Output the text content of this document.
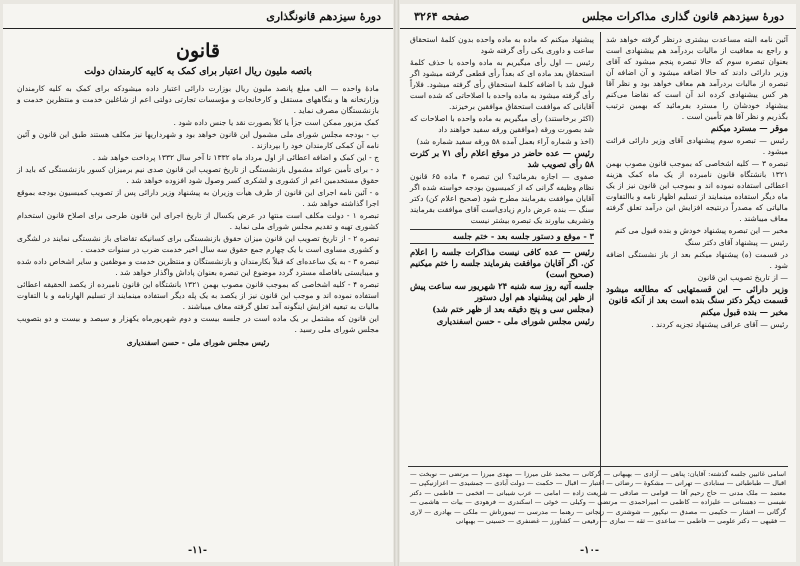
دورهٔ سیزدهم قانونگذاری
قانون
باتصه ملیون ریال اعتبار برای کمک به کابیه کارمندان دولت

مادهٔ واحده — الف مبلغ پانصد ملیون ریال بوزارت دارائی اعتبار داده میشودکه برای کمک به کلیه کارمندان وزارتخانه ها و بنگاههای مستقل و کارخانجات و مؤسسات تجارتی دولتی اعم از شاغلین خدمت و منتظرین خدمت و بازنشستگان مصرف نماید .

کمک مزبور ممکن است جزأ یا کلاً بصورت نقد یا جنس داده شود .

ب - بودجه مجلس شورای ملی مشمول این قانون خواهد بود و شهرداریها نیز مکلف هستند طبق این قانون و آئین نامه آن کمکی کارمندان خود را بپردازند .

ج - این کمک و اضافه اعطائی از اول مرداد ماه ۱۳۳۲ تا آخر سال ۱۳۳۲ پرداخت خواهد شد .

د - برای تأمین عوائد مشمول بازنشستگی از تاریخ تصویب این قانون صدی نیم برمیزان کسور بازنشستگی که باید از حقوق مستخدمین اعم از کشوری و لشکری کسر وصول شود افزوده خواهد شد .

ه - آئین نامه اجرای این قانون از طرف هیأت وزیران به پیشنهاد وزیر دارائی پس از تصویب کمیسیون بودجه بموقع اجرا گذاشته خواهد شد .

تبصره ۱ - دولت مکلف است منتها در عرض یکسال از تاریخ اجرای این قانون طرحی برای اصلاح قانون استخدام کشوری تهیه و تقدیم مجلس شورای ملی نماید .

تبصره ۲ - از تاریخ تصویب این قانون میزان حقوق بازنشستگی برای کسانیکه تقاضای باز نشستگی نمایند در لشگری و کشوری مساوی است با یک چهارم جمع حقوق سه سال اخیر خدمت ضرب در سنوات خدمت .

تبصره ۳ - به یک ساعده‌ای که قبلاً بکارمندان و بازنشستگان و منتظرین خدمت و موظفین و سایر اشخاص داده شده و میبایستی بافاصله مسترد گردد موضوع این تبصره بعنوان پاداش واگذار خواهد شد .

تبصره ۴ - کلیه اشخاصی که بموجب قانون مصوب بهمن ۱۳۲۱ بانشتگاه این قانون نامبرده از یکصد الحقیقه اعطائی استفاده نموده اند و موجب این قانون نیز از یکصد به یک پله دیگر استفاده مینمایند از تسلیم الهارنامه و با التفاوت ماليات به تبعیه افزایش اینگونه آمد تعلق گرفته معاف میباشند .

این قانون که مشتمل بر یک ماده است در جلسه بیست و دوم شهریورماه یکهزار و سیصد و بیست و دو بتصویب مجلس شورای ملی رسید .

رئیس مجلس شورای ملی - حسن اسفندیاری
-۱۱-
دورهٔ سیزدهم قانون گذاری
مذاکرات مجلس
صفحه ۳۲۶۴

آئین نامه البته مساعدت بیشتری درنظر گرفته خواهد شد و راجع به معافیت از مالیات بردرآمد هم ییشنهادی است بعنوان تبصره سوم که حالا تبصره پنجم میشود که آقای وزیر دارائی دادند که حالا اضافه میشود و آن اضافه آن تبصره از مالیات بردرآمد هم معاف خواهد بود و نظر آقا هر کس ییشنهادی کرده اند آن است که نقاضا می‌کنم ییشنهاد خودشان را مسترد بفرمائید که بهمین ترتیب بگذریم و نظر آقا هم تأمین است .

موقر — مسترد میکنم

رئیس — تبصره سوم پیشنهادی آقای وزیر دارائی قرائت میشود .

تبصره ۳ — کلیه اشخاصی که بموجب قانون مصوب بهمن ۱۳۲۱ بانشتگاه قانون نامبرده از یک ماه کمک هزینه اعطائی استفاده نموده اند و بموجب این قانون نیز از یک ماه دیگر استفاده مینمایند از تسلیم اظهار نامه و باالتفاوت مالیاتی که مصدراً درنتیجه افزایش این درآمد تعلق گرفته معاف میباشند .

مخبر — این تبصره پیشنهاد خودش و بنده قبول می کنم

رئیس — پیشنهاد آقای دکتر سنگ

در قسمت (ه) پیشنهاد میکنم بعد از باز نشستگی اضافه شود .

— از تاریخ تصویب این قانون

وزیر دارائی — این قسمتهایی که مطالعه میشود قسمت دیگر دکتر سنگ بنده است بعد از آنکه قانون

مخبر — بنده قبول میکنم

رئیس — آقای عراقی پیشنهاد تجزیه کردند .

پیشنهاد میکنم که ماده به ماده واحده بدون کلمهٔ استحقاق ساعت و داوری یکی رأی گرفته شود

رئیس — اول رأی میگیریم به ماده واحده با حذف کلمهٔ استحقاق بعد ماده ای که بعداً رأی قطعی گرفته میشود اگر قبول شد با اضافه کلمهٔ استحقاق رأی گرفته میشود. فلاراً رأی گرفته میشود به ماده واحده با اصلاحاتی که شده است آقایانی که موافقت استحقاق موافقین برخیزند.

(اکثر برخاستند) رأی میگیریم به ماده واحده با اصلاحات که شد بصورت ورقه (موافقین ورقه سفید خواهند داد

(اخذ و شماره آراء بعمل آمده ۵۸ ورقه سفید شماره شد)

رئیس — عده حاضر در موقع اعلام رأی ۷۱ بر کثرت ۵۸ رأی تصویب شد

صفوی — اجازه بفرمائید؟ این تبصره ۴ ماده ۶۵ قانون نظام وظیفه گرانی که از کمیسیون بودجه خواسته شده اگر آقایان موافقت بفرمایند مطرح شود (صحیح اعلام کن) دکتر سنگ — بنده عرض دارم زیادی‌است آقای موافقت بفرمایند وتشریف بیاورند یک تبصره بیشتر نیست

۳ - موقع و دستور جلسه بعد - ختم جلسه

رئیس — عده کافی نیست مذاکرات جلسه را اعلام کن. اگر آقایان موافقت بفرمایند جلسه را ختم میکنیم (صحیح است)

جلسه آتیه روز سه شنبه ۲۴ شهریور سه ساعت پیش از ظهر این پیشنهاد هم اول دستور

(مجلس سی و پنج دقیقه بعد از ظهر ختم شد)

رئیس مجلس شورای ملی - حسن اسفندیاری

اسامی غائبین جلسه گذشته: آقایان: پناهی — آزادی — بهبهانی — گرکانی — محمد علی میرزا — مهدی میرزا — مرتضی — نوبخت — اقبال — طباطبائی — سنابادی — تهرانی — مشکوة — رضائی — اعتبار — اقبال — حکمت — دولت آبادی — جمشیدی — اعزاز‌نیکپی — معتمد — ملک مدنی — حاج رحیم آقا — قوامی — صادقی — شریعت زاده — امامی — عرب شیبانی — افخمی — فاطمی — دکتر نفیسی — دهستانی — علیزاده — کاظمی — امیراحمدی — مرتضی — وکیلی — خوئی — اسکندری — فرهودی — بیات — هاشمی — گرگانی — افشار — حکیمی — مصدق — نیکپور — شوشتری — زنجانی — رهنما — مدرسی — تیمورتاش — ملکی — بهادری — لاری — فقیهی — دکتر علومی — فاطمی — ساعدی — ثقه — نمازی — رفیعی — کشاورز — غضنفری — حسینی — بهبهانی
-۱۰-
